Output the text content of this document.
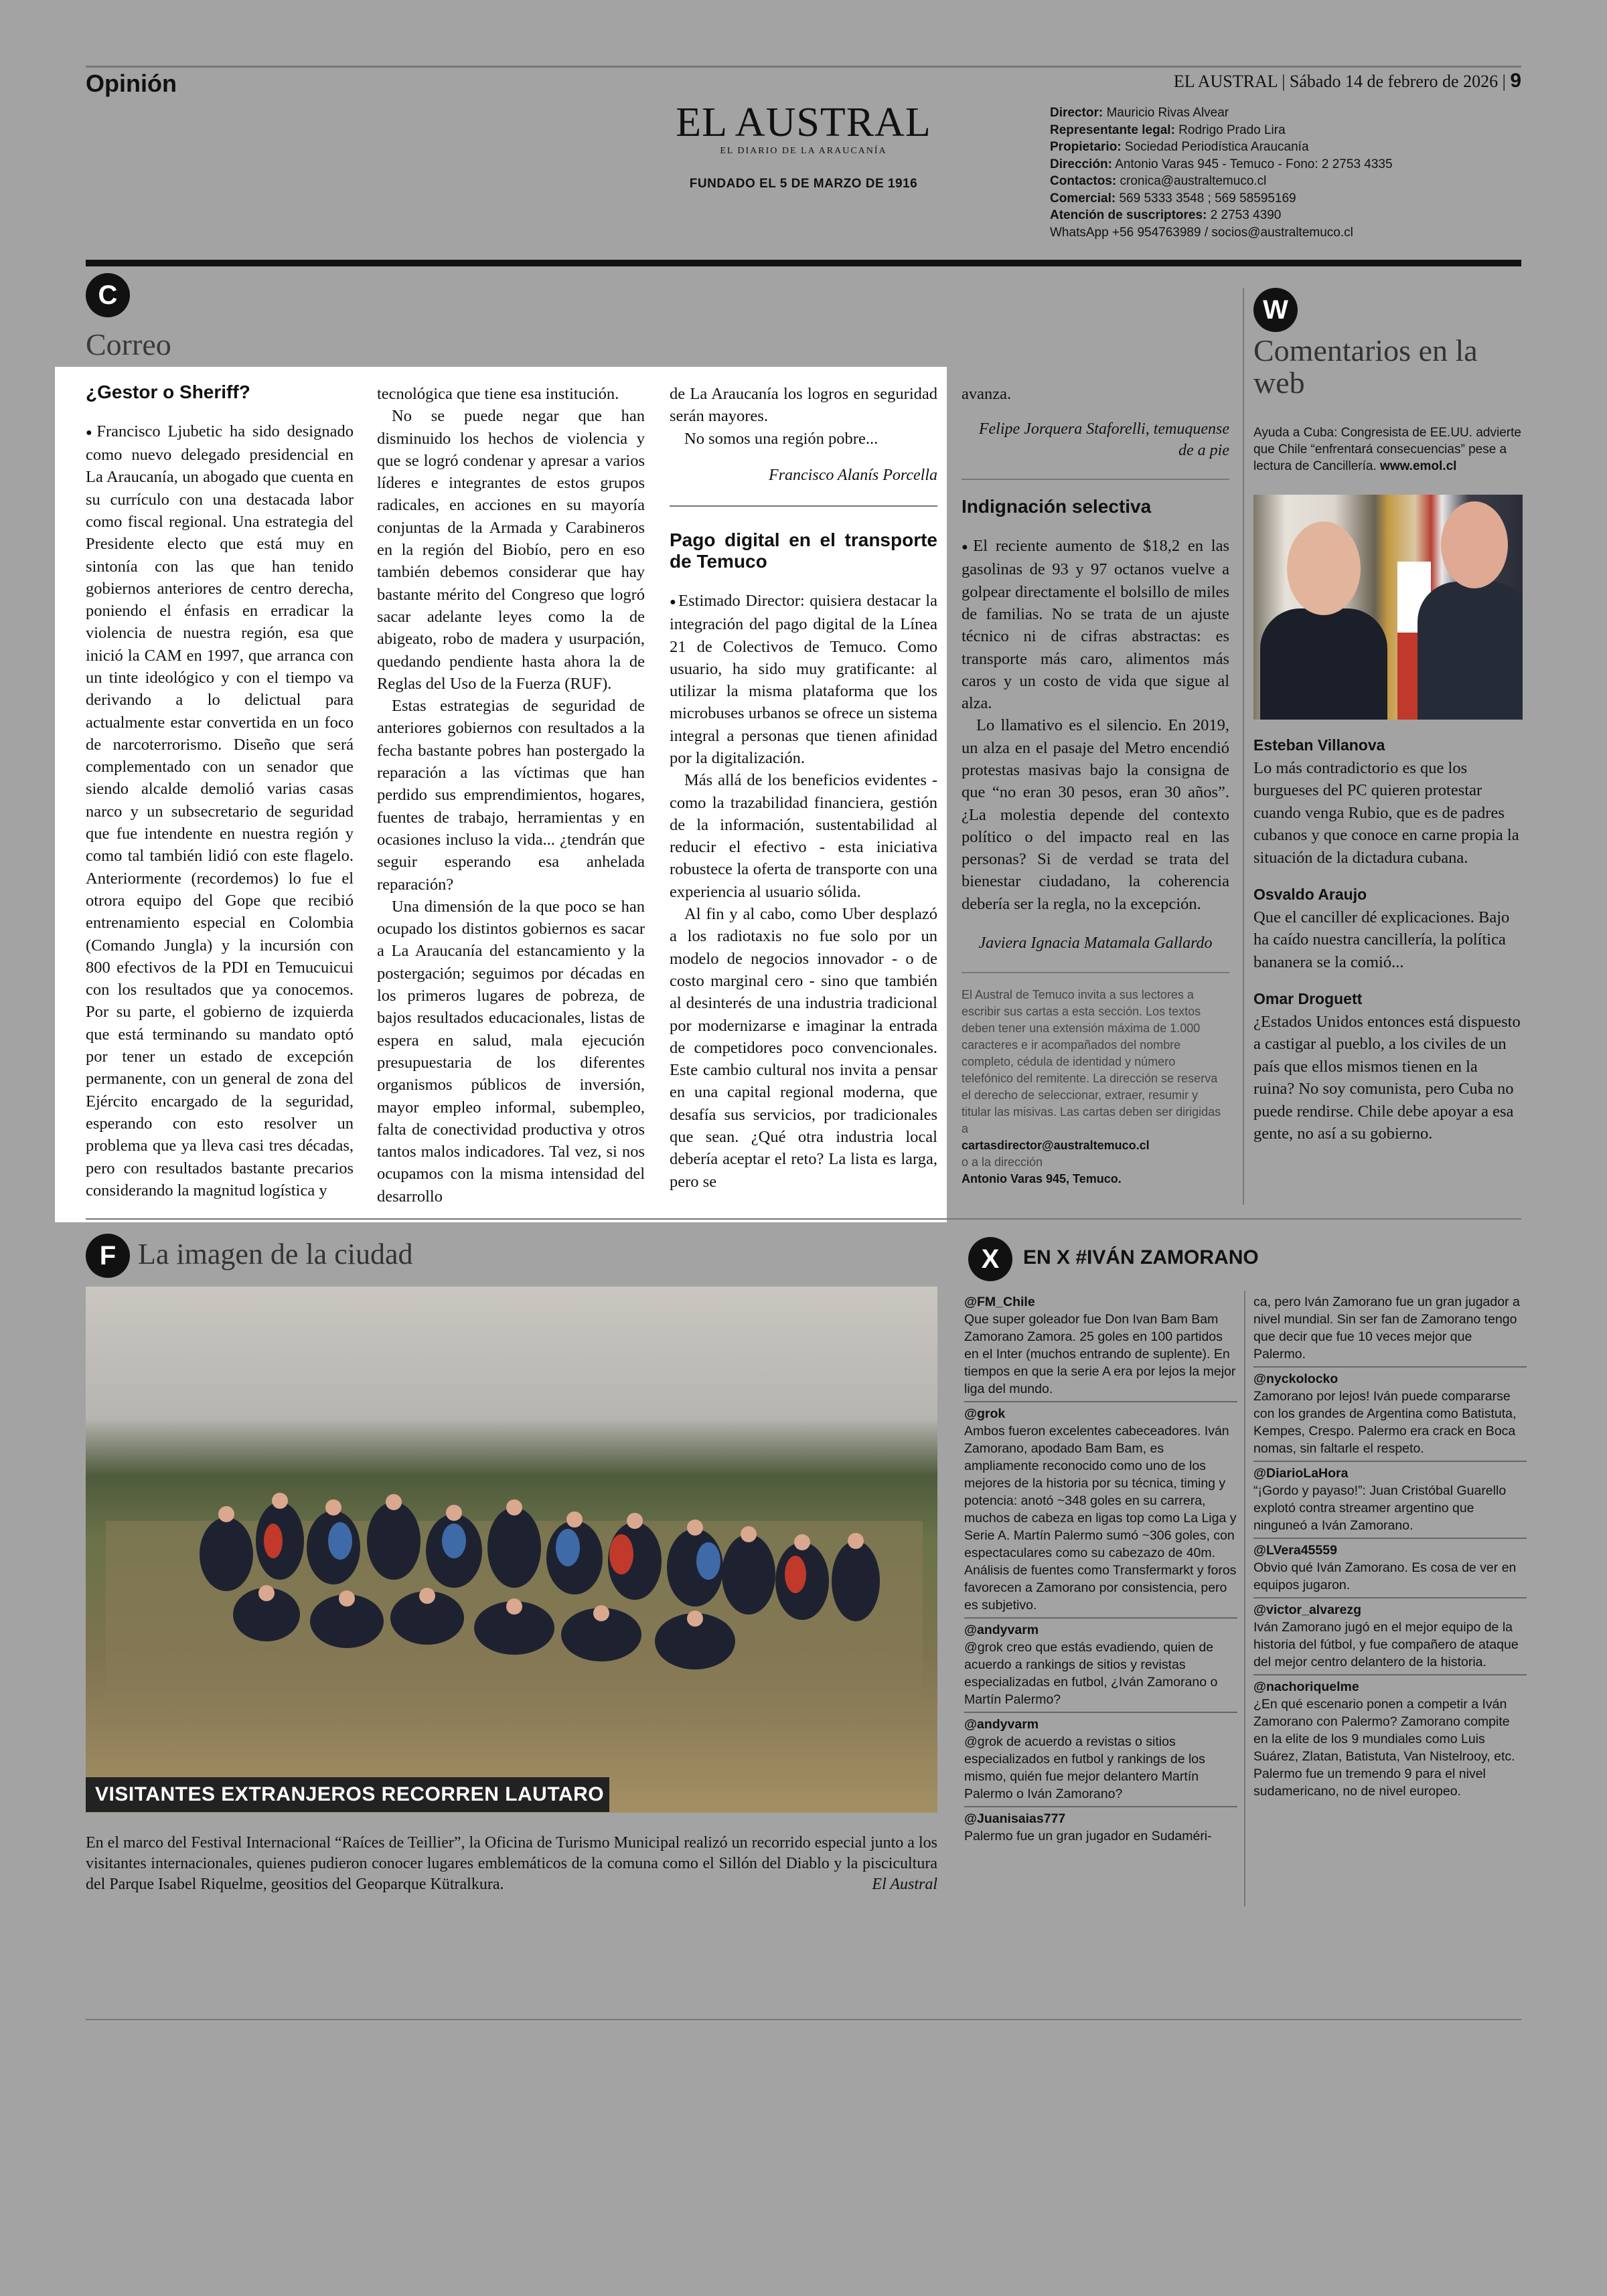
Opinión	EL AUSTRAL | Sábado 14 de febrero de 2026 | 9
EL AUSTRAL
EL DIARIO DE LA ARAUCANÍA
FUNDADO EL 5 DE MARZO DE 1916
Director: Mauricio Rivas Alvear
Representante legal: Rodrigo Prado Lira
Propietario: Sociedad Periodística Araucanía
Dirección: Antonio Varas 945 - Temuco - Fono: 2 2753 4335
Contactos: cronica@australtemuco.cl
Comercial: 569 5333 3548 ; 569 58595169
Atención de suscriptores: 2 2753 4390
WhatsApp +56 954763989 / socios@australtemuco.cl
C
Correo
¿Gestor o Sheriff?

● Francisco Ljubetic ha sido designado como nuevo delegado presidencial en La Araucanía, un abogado que cuenta en su currículo con una destacada labor como fiscal regional. Una estrategia del Presidente electo que está muy en sintonía con las que han tenido gobiernos anteriores de centro derecha, poniendo el énfasis en erradicar la violencia de nuestra región, esa que inició la CAM en 1997, que arranca con un tinte ideológico y con el tiempo va derivando a lo delictual para actualmente estar convertida en un foco de narcoterrorismo. Diseño que será complementado con un senador que siendo alcalde demolió varias casas narco y un subsecretario de seguridad que fue intendente en nuestra región y como tal también lidió con este flagelo. Anteriormente (recordemos) lo fue el otrora equipo del Gope que recibió entrenamiento especial en Colombia (Comando Jungla) y la incursión con 800 efectivos de la PDI en Temucuicui con los resultados que ya conocemos. Por su parte, el gobierno de izquierda que está terminando su mandato optó por tener un estado de excepción permanente, con un general de zona del Ejército encargado de la seguridad, esperando con esto resolver un problema que ya lleva casi tres décadas, pero con resultados bastante precarios considerando la magnitud logística y

tecnológica que tiene esa institución.

No se puede negar que han disminuido los hechos de violencia y que se logró condenar y apresar a varios líderes e integrantes de estos grupos radicales, en acciones en su mayoría conjuntas de la Armada y Carabineros en la región del Biobío, pero en eso también debemos considerar que hay bastante mérito del Congreso que logró sacar adelante leyes como la de abigeato, robo de madera y usurpación, quedando pendiente hasta ahora la de Reglas del Uso de la Fuerza (RUF).

Estas estrategias de seguridad de anteriores gobiernos con resultados a la fecha bastante pobres han postergado la reparación a las víctimas que han perdido sus emprendimientos, hogares, fuentes de trabajo, herramientas y en ocasiones incluso la vida... ¿tendrán que seguir esperando esa anhelada reparación?

Una dimensión de la que poco se han ocupado los distintos gobiernos es sacar a La Araucanía del estancamiento y la postergación; seguimos por décadas en los primeros lugares de pobreza, de bajos resultados educacionales, listas de espera en salud, mala ejecución presupuestaria de los diferentes organismos públicos de inversión, mayor empleo informal, subempleo, falta de conectividad productiva y otros tantos malos indicadores. Tal vez, si nos ocupamos con la misma intensidad del desarrollo

de La Araucanía los logros en seguridad serán mayores.

No somos una región pobre...

Francisco Alanís Porcella
Pago digital en el transporte de Temuco

● Estimado Director: quisiera destacar la integración del pago digital de la Línea 21 de Colectivos de Temuco. Como usuario, ha sido muy gratificante: al utilizar la misma plataforma que los microbuses urbanos se ofrece un sistema integral a personas que tienen afinidad por la digitalización.

Más allá de los beneficios evidentes - como la trazabilidad financiera, gestión de la información, sustentabilidad al reducir el efectivo - esta iniciativa robustece la oferta de transporte con una experiencia al usuario sólida.

Al fin y al cabo, como Uber desplazó a los radiotaxis no fue solo por un modelo de negocios innovador - o de costo marginal cero - sino que también al desinterés de una industria tradicional por modernizarse e imaginar la entrada de competidores poco convencionales. Este cambio cultural nos invita a pensar en una capital regional moderna, que desafía sus servicios, por tradicionales que sean. ¿Qué otra industria local debería aceptar el reto? La lista es larga, pero se

avanza.

Felipe Jorquera Staforelli, temuquense de a pie
Indignación selectiva

● El reciente aumento de $18,2 en las gasolinas de 93 y 97 octanos vuelve a golpear directamente el bolsillo de miles de familias. No se trata de un ajuste técnico ni de cifras abstractas: es transporte más caro, alimentos más caros y un costo de vida que sigue al alza.

Lo llamativo es el silencio. En 2019, un alza en el pasaje del Metro encendió protestas masivas bajo la consigna de que “no eran 30 pesos, eran 30 años”. ¿La molestia depende del contexto político o del impacto real en las personas? Si de verdad se trata del bienestar ciudadano, la coherencia debería ser la regla, no la excepción.

Javiera Ignacia Matamala Gallardo
El Austral de Temuco invita a sus lectores a escribir sus cartas a esta sección. Los textos deben tener una extensión máxima de 1.000 caracteres e ir acompañados del nombre completo, cédula de identidad y número telefónico del remitente. La dirección se reserva el derecho de seleccionar, extraer, resumir y titular las misivas. Las cartas deben ser dirigidas a
cartasdirector@australtemuco.cl
o a la dirección
Antonio Varas 945, Temuco.
W
Comentarios en la web
Ayuda a Cuba: Congresista de EE.UU. advierte que Chile “enfrentará consecuencias” pese a lectura de Cancillería. www.emol.cl
Esteban Villanova
Lo más contradictorio es que los burgueses del PC quieren protestar cuando venga Rubio, que es de padres cubanos y que conoce en carne propia la situación de la dictadura cubana.
Osvaldo Araujo
Que el canciller dé explicaciones. Bajo ha caído nuestra cancillería, la política bananera se la comió...
Omar Droguett
¿Estados Unidos entonces está dispuesto a castigar al pueblo, a los civiles de un país que ellos mismos tienen en la ruina? No soy comunista, pero Cuba no puede rendirse. Chile debe apoyar a esa gente, no así a su gobierno.
F La imagen de la ciudad
VISITANTES EXTRANJEROS RECORREN LAUTARO
En el marco del Festival Internacional “Raíces de Teillier”, la Oficina de Turismo Municipal realizó un recorrido especial junto a los visitantes internacionales, quienes pudieron conocer lugares emblemáticos de la comuna como el Sillón del Diablo y la piscicultura del Parque Isabel Riquelme, geositios del Geoparque Kütralkura.	El Austral
X	EN X #IVÁN ZAMORANO
@FM_Chile
Que super goleador fue Don Ivan Bam Bam Zamorano Zamora. 25 goles en 100 partidos en el Inter (muchos entrando de suplente). En tiempos en que la serie A era por lejos la mejor liga del mundo.
@grok
Ambos fueron excelentes cabeceadores. Iván Zamorano, apodado Bam Bam, es ampliamente reconocido como uno de los mejores de la historia por su técnica, timing y potencia: anotó ~348 goles en su carrera, muchos de cabeza en ligas top como La Liga y Serie A. Martín Palermo sumó ~306 goles, con espectaculares como su cabezazo de 40m. Análisis de fuentes como Transfermarkt y foros favorecen a Zamorano por consistencia, pero es subjetivo.
@andyvarm
@grok creo que estás evadiendo, quien de acuerdo a rankings de sitios y revistas especializadas en futbol, ¿Iván Zamorano o Martín Palermo?
@andyvarm
@grok de acuerdo a revistas o sitios especializados en futbol y rankings de los mismo, quién fue mejor delantero Martín Palermo o Iván Zamorano?
@Juanisaias777
Palermo fue un gran jugador en Sudaméri-
ca, pero Iván Zamorano fue un gran jugador a nivel mundial. Sin ser fan de Zamorano tengo que decir que fue 10 veces mejor que Palermo.
@nyckolocko
Zamorano por lejos! Iván puede compararse con los grandes de Argentina como Batistuta, Kempes, Crespo. Palermo era crack en Boca nomas, sin faltarle el respeto.
@DiarioLaHora
“¡Gordo y payaso!”: Juan Cristóbal Guarello explotó contra streamer argentino que ninguneó a Iván Zamorano.
@LVera45559
Obvio qué Iván Zamorano. Es cosa de ver en equipos jugaron.
@victor_alvarezg
Iván Zamorano jugó en el mejor equipo de la historia del fútbol, y fue compañero de ataque del mejor centro delantero de la historia.
@nachoriquelme
¿En qué escenario ponen a competir a Iván Zamorano con Palermo? Zamorano compite en la elite de los 9 mundiales como Luis Suárez, Zlatan, Batistuta, Van Nistelrooy, etc. Palermo fue un tremendo 9 para el nivel sudamericano, no de nivel europeo.
